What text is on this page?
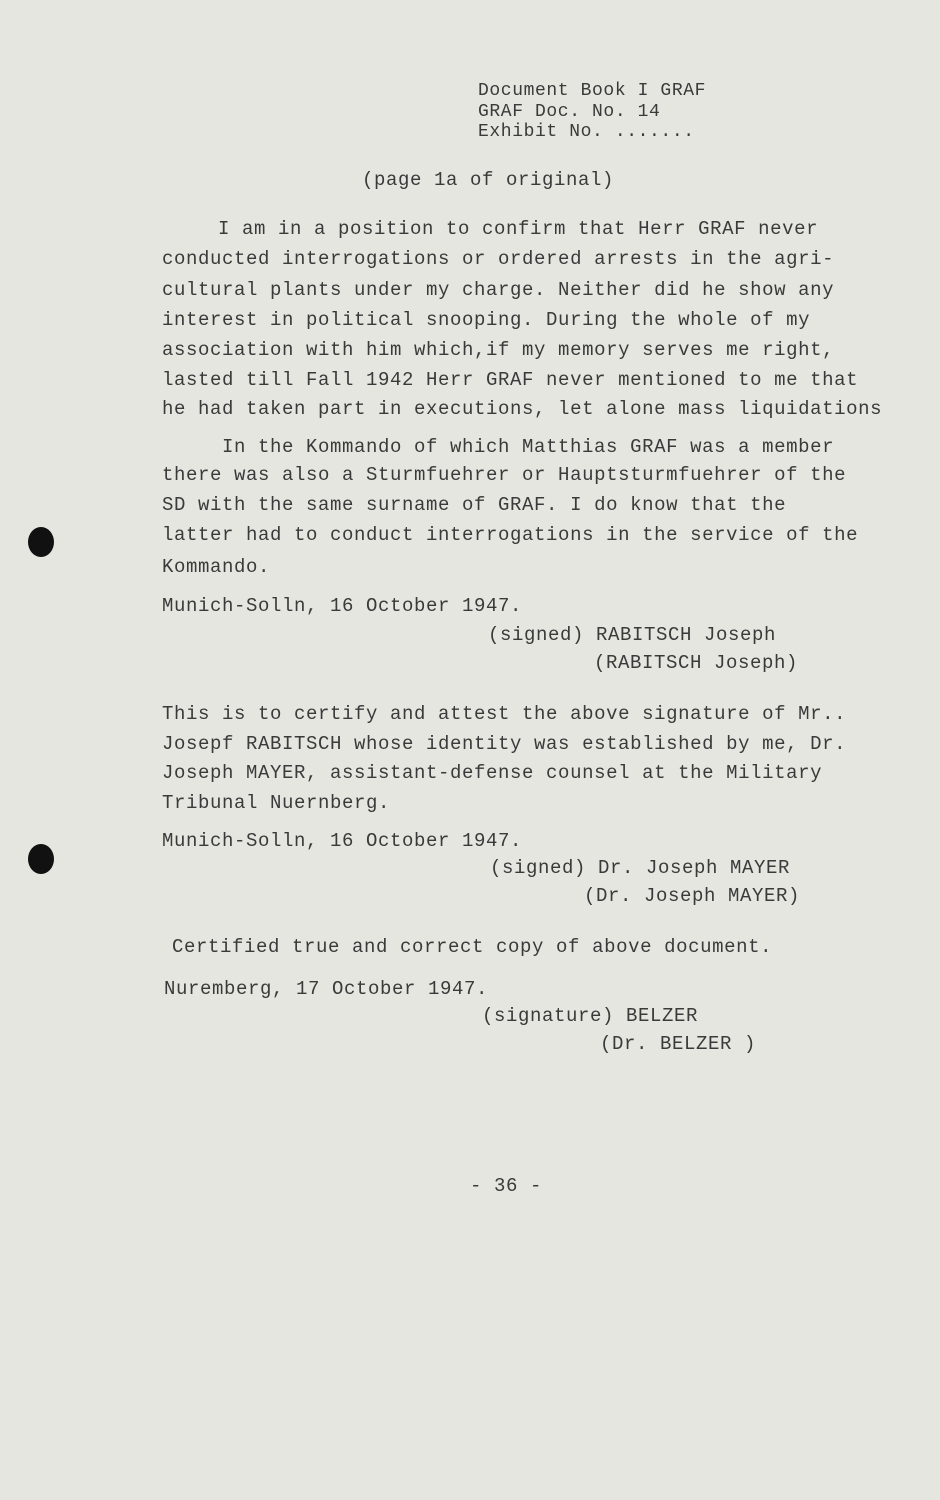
Document Book I GRAF
GRAF Doc. No. 14
Exhibit No. .......
(page 1a of original)
I am in a position to confirm that Herr GRAF never
conducted interrogations or ordered arrests in the agri-
cultural plants under my charge. Neither did he show any
interest in political snooping. During the whole of my
association with him which,if my memory serves me right,
lasted till Fall 1942 Herr GRAF never mentioned to me that
he had taken part in executions, let alone mass liquidations
In the Kommando of which Matthias GRAF was a member
there was also a Sturmfuehrer or Hauptsturmfuehrer of the
SD with the same surname of GRAF. I do know that the
latter had to conduct interrogations in the service of the
Kommando.
Munich-Solln, 16 October 1947.
(signed) RABITSCH Joseph
(RABITSCH Joseph)
This is to certify and attest the above signature of Mr..
Josepf RABITSCH whose identity was established by me, Dr.
Joseph MAYER, assistant-defense counsel at the Military
Tribunal Nuernberg.
Munich-Solln, 16 October 1947.
(signed) Dr. Joseph MAYER
(Dr. Joseph MAYER)
Certified true and correct copy of above document.
Nuremberg, 17 October 1947.
(signature) BELZER
(Dr. BELZER )
- 36 -
